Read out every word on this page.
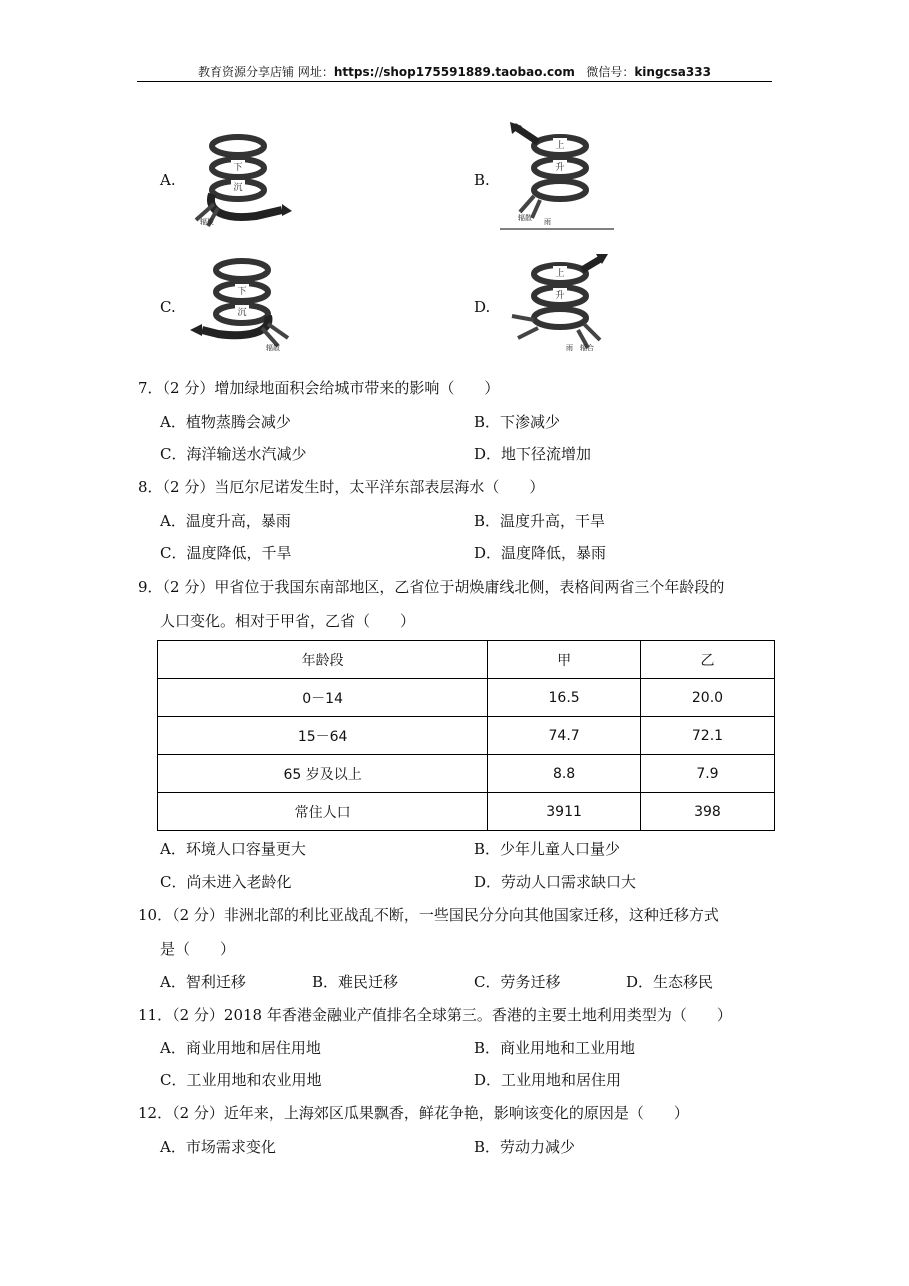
教育资源分享店铺 网址：https://shop175591889.taobao.com 微信号：kingcsa333
A.
下
沉
辐聚
B.
上
升
辐散 雨
C.
下
沉
辐散
D.
上
升
雨 辐合
7．（2 分）增加绿地面积会给城市带来的影响（　　）
A．植物蒸腾会减少	B．下渗减少
C．海洋输送水汽减少	D．地下径流增加
8．（2 分）当厄尔尼诺发生时，太平洋东部表层海水（　　）
A．温度升高，暴雨	B．温度升高，干旱
C．温度降低，千旱	D．温度降低，暴雨
9．（2 分）甲省位于我国东南部地区，乙省位于胡焕庸线北侧，表格间两省三个年龄段的
人口变化。相对于甲省，乙省（　　）
年龄段	甲	乙
0－14	16.5	20.0
15－64	74.7	72.1
65 岁及以上	8.8	7.9
常住人口	3911	398
A．环境人口容量更大	B．少年儿童人口量少
C．尚未进入老龄化	D．劳动人口需求缺口大
10．（2 分）非洲北部的利比亚战乱不断，一些国民分分向其他国家迁移，这种迁移方式
是（　　）
A．智利迁移	B．难民迁移	C．劳务迁移	D．生态移民
11．（2 分）2018 年香港金融业产值排名全球第三。香港的主要土地利用类型为（　　）
A．商业用地和居住用地	B．商业用地和工业用地
C．工业用地和农业用地	D．工业用地和居住用
12．（2 分）近年来，上海郊区瓜果飘香，鲜花争艳，影响该变化的原因是（　　）
A．市场需求变化	B．劳动力减少
